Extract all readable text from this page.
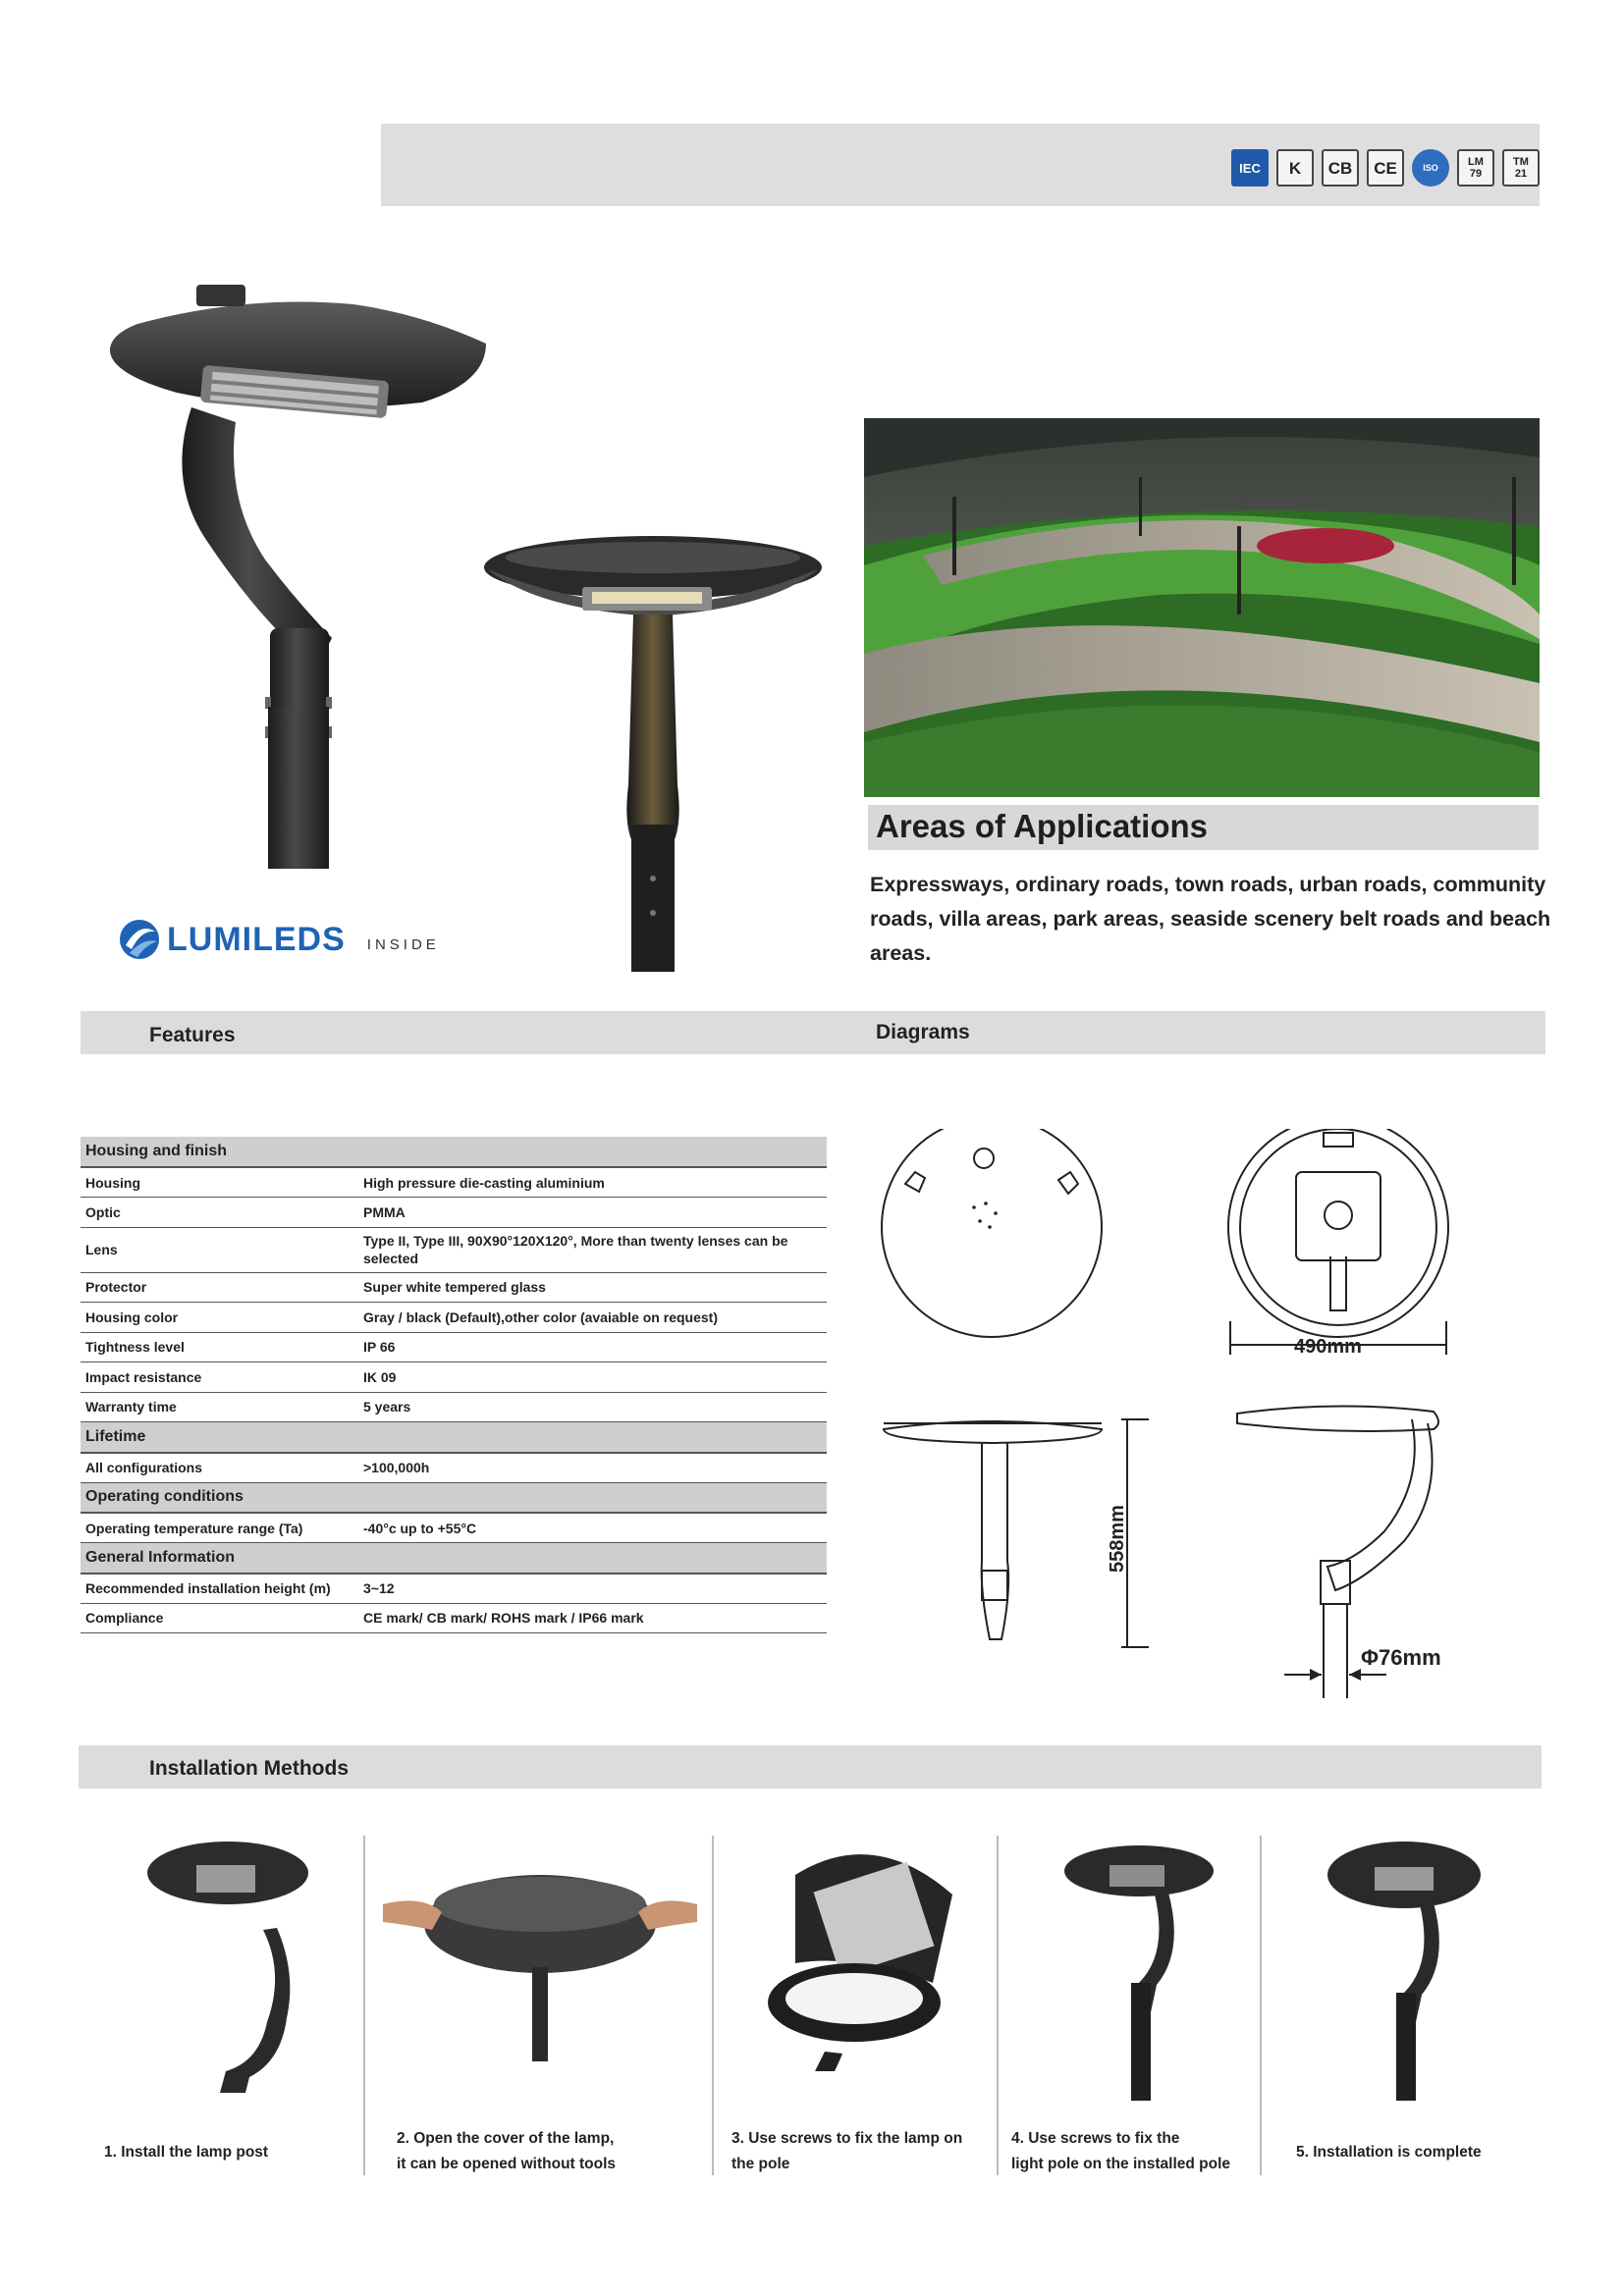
IEC	K	CB	CE	ISO	LM
79
TM
21
LUMILEDS INSIDE
Areas of Applications
Expressways, ordinary roads, town roads, urban roads, community roads, villa areas, park areas, seaside scenery belt roads and beach areas.
Features	Diagrams
Housing and finish	
Housing	High pressure die-casting aluminium
Optic	PMMA
Lens	Type II, Type III, 90X90°120X120°, More than twenty lenses can be selected
Protector	Super white tempered glass
Housing color	Gray / black (Default),other color (avaiable on request)
Tightness level	IP 66
Impact resistance	IK 09
Warranty time	5 years
Lifetime	
All configurations	>100,000h
Operating conditions	
Operating temperature range (Ta)	-40°c up to +55°C
General Information	
Recommended installation height (m)	3~12
Compliance	CE mark/ CB mark/ ROHS mark / IP66 mark
490mm
558mm
Φ76mm
Installation Methods
1. Install the lamp post
2. Open the cover of the lamp,
it can be opened without tools
3. Use screws to fix the lamp on
the pole
4. Use screws to fix the
light pole on the installed pole
5. Installation is complete
